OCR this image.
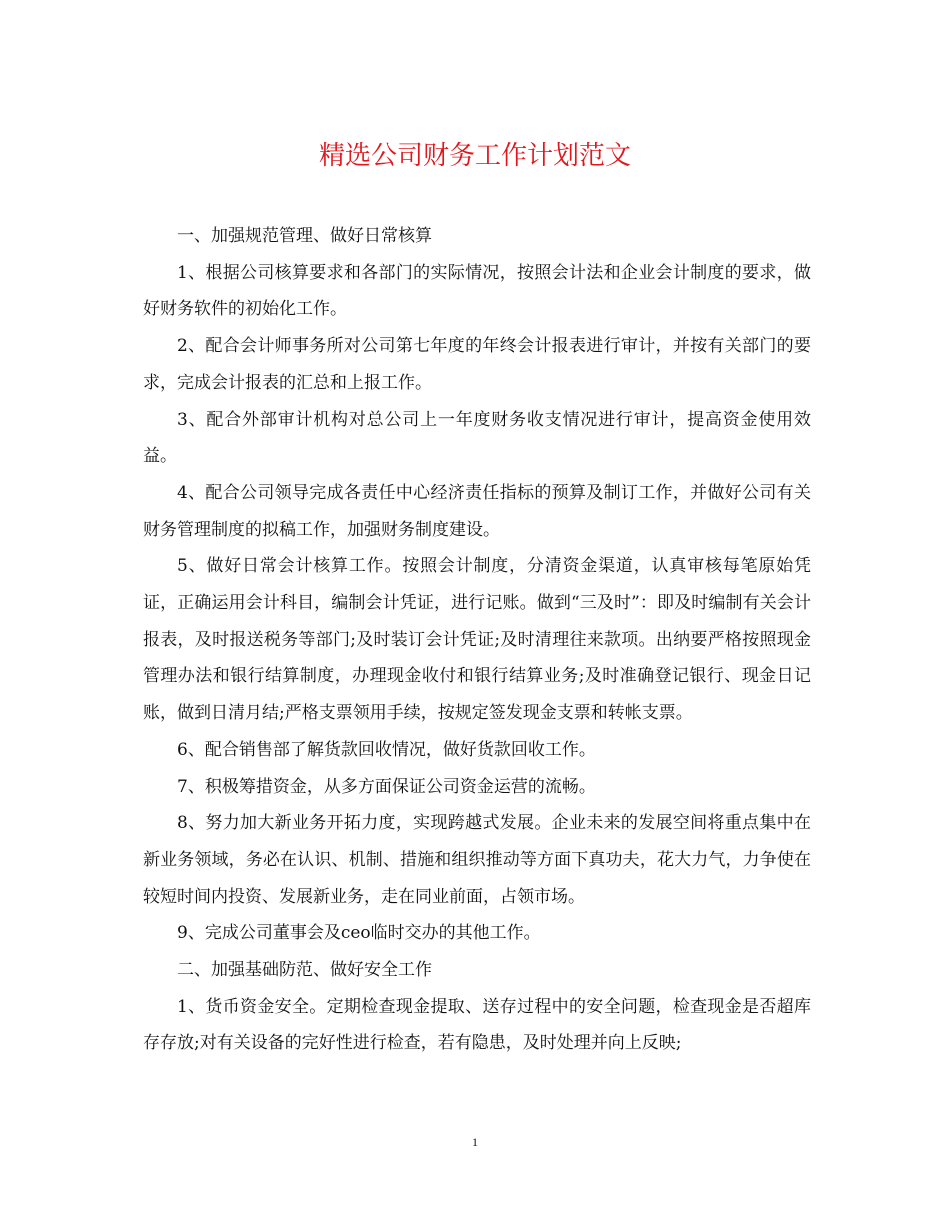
精选公司财务工作计划范文

一、加强规范管理、做好日常核算

1、根据公司核算要求和各部门的实际情况，按照会计法和企业会计制度的要求，做好财务软件的初始化工作。

2、配合会计师事务所对公司第七年度的年终会计报表进行审计，并按有关部门的要求，完成会计报表的汇总和上报工作。

3、配合外部审计机构对总公司上一年度财务收支情况进行审计，提高资金使用效益。

4、配合公司领导完成各责任中心经济责任指标的预算及制订工作，并做好公司有关财务管理制度的拟稿工作，加强财务制度建设。

5、做好日常会计核算工作。按照会计制度，分清资金渠道，认真审核每笔原始凭证，正确运用会计科目，编制会计凭证，进行记账。做到“三及时”：即及时编制有关会计报表，及时报送税务等部门;及时装订会计凭证;及时清理往来款项。出纳要严格按照现金管理办法和银行结算制度，办理现金收付和银行结算业务;及时准确登记银行、现金日记账，做到日清月结;严格支票领用手续，按规定签发现金支票和转帐支票。

6、配合销售部了解货款回收情况，做好货款回收工作。

7、积极筹措资金，从多方面保证公司资金运营的流畅。

8、努力加大新业务开拓力度，实现跨越式发展。企业未来的发展空间将重点集中在新业务领域，务必在认识、机制、措施和组织推动等方面下真功夫，花大力气，力争使在较短时间内投资、发展新业务，走在同业前面，占领市场。

9、完成公司董事会及ceo临时交办的其他工作。

二、加强基础防范、做好安全工作

1、货币资金安全。定期检查现金提取、送存过程中的安全问题，检查现金是否超库存存放;对有关设备的完好性进行检查，若有隐患，及时处理并向上反映;

1
